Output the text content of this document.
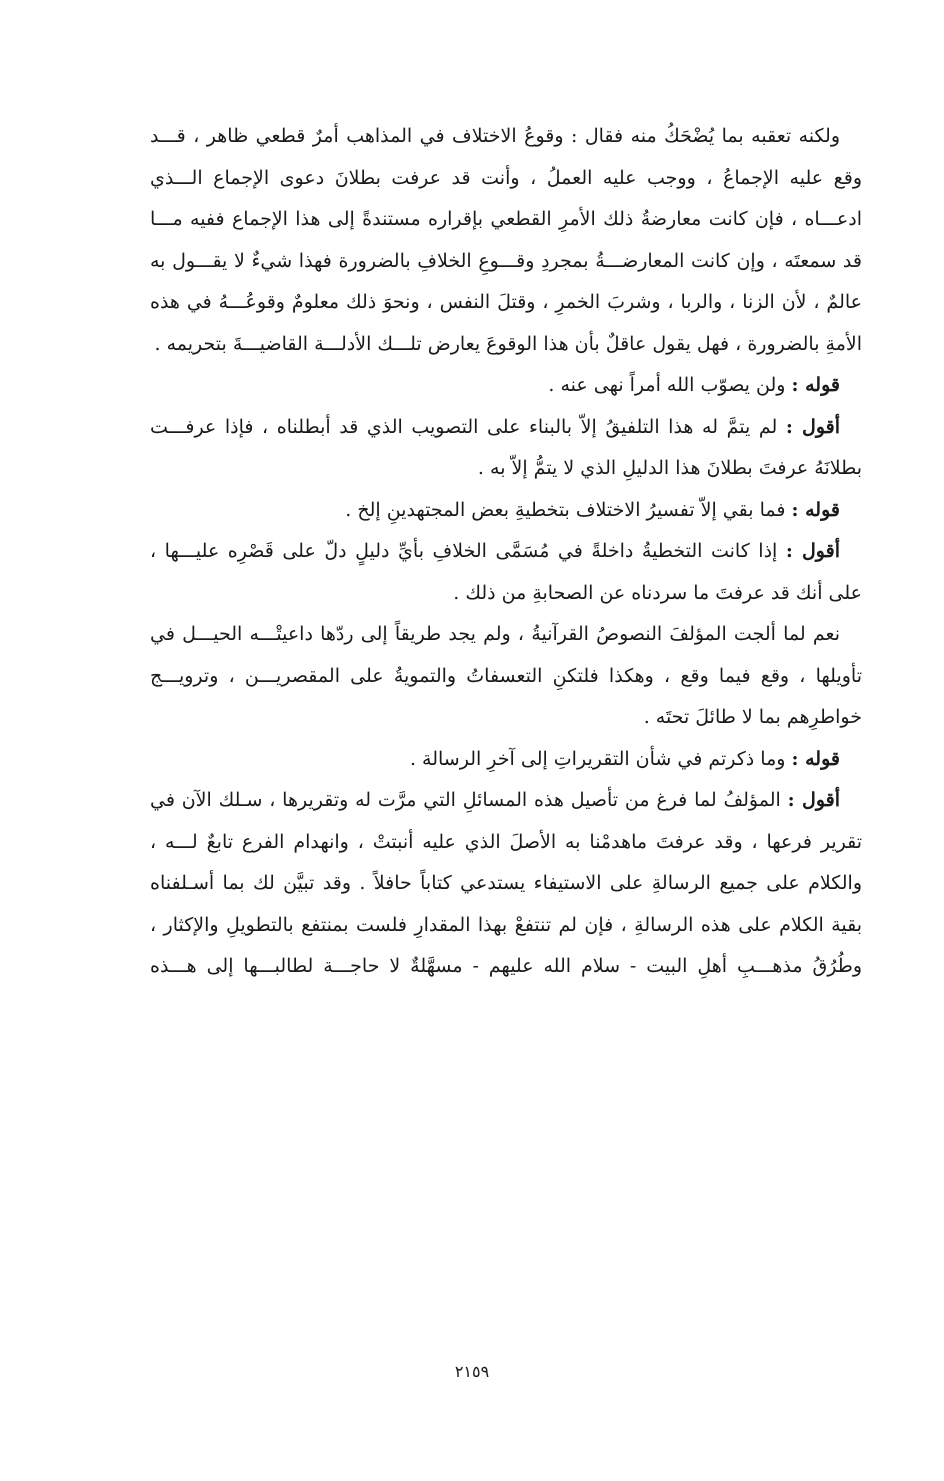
ولكنه تعقبه بما يُضْحَكُ منه فقال : وقوعُ الاختلاف في المذاهب أمرٌ قطعي ظاهر ، قـــد وقع عليه الإجماعُ ، ووجب عليه العملُ ، وأنت قد عرفت بطلانَ دعوى الإجماع الـــذي ادعـــاه ، فإن كانت معارضةُ ذلك الأمرِ القطعي بإقراره مستندةً إلى هذا الإجماع ففيه مـــا قد سمعتَه ، وإن كانت المعارضـــةُ بمجردِ وقـــوعِ الخلافِ بالضرورة فهذا شيءٌ لا يقـــول به عالمٌ ، لأن الزنا ، والربا ، وشربَ الخمرِ ، وقتلَ النفس ، ونحوَ ذلك معلومٌ وقوعُـــهُ في هذه الأمةِ بالضرورة ، فهل يقول عاقلٌ بأن هذا الوقوعَ يعارض تلـــك الأدلـــة القاضيـــةَ بتحريمه .

قوله : ولن يصوّب الله أمراً نهى عنه .

أقول : لم يتمَّ له هذا التلفيقُ إلاّ بالبناء على التصويب الذي قد أبطلناه ، فإذا عرفـــت بطلانَهُ عرفتَ بطلانَ هذا الدليلِ الذي لا يتمُّ إلاّ به .

قوله : فما بقي إلاّ تفسيرُ الاختلاف بتخطيةِ بعض المجتهدينِ إلخ .

أقول : إذا كانت التخطيةُ داخلةً في مُسَمَّى الخلافِ بأيِّ دليلٍ دلّ على قَصْرِه عليـــها ، على أنك قد عرفتَ ما سردناه عن الصحابةِ من ذلك .

نعم لما ألجت المؤلفَ النصوصُ القرآنيةُ ، ولم يجد طريقاً إلى ردّها داعيتْـــه الحيـــل في تأويلها ، وقع فيما وقع ، وهكذا فلتكنِ التعسفاتُ والتمويةُ على المقصريـــن ، وترويـــج خواطرِهم بما لا طائلَ تحتَه .

قوله : وما ذكرتم في شأن التقريراتِ إلى آخرِ الرسالة .

أقول : المؤلفُ لما فرغ من تأصيل هذه المسائلِ التي مرَّت له وتقريرها ، سـلك الآن في تقرير فرعها ، وقد عرفتَ ماهدمْنا به الأصلَ الذي عليه أنبتتْ ، وانهدام الفرع تابعٌ لـــه ، والكلام على جميع الرسالةِ على الاستيفاء يستدعي كتاباً حافلاً . وقد تبيَّن لك بما أسـلفناه بقية الكلام على هذه الرسالةِ ، فإن لم تنتفعْ بهذا المقدارِ فلست بمنتفع بالتطويلِ والإكثار ، وطُرُقُ مذهـــبِ أهلِ البيت - سلام الله عليهم - مسهَّلةٌ لا حاجـــة لطالبـــها إلى هـــذه

٢١٥٩
